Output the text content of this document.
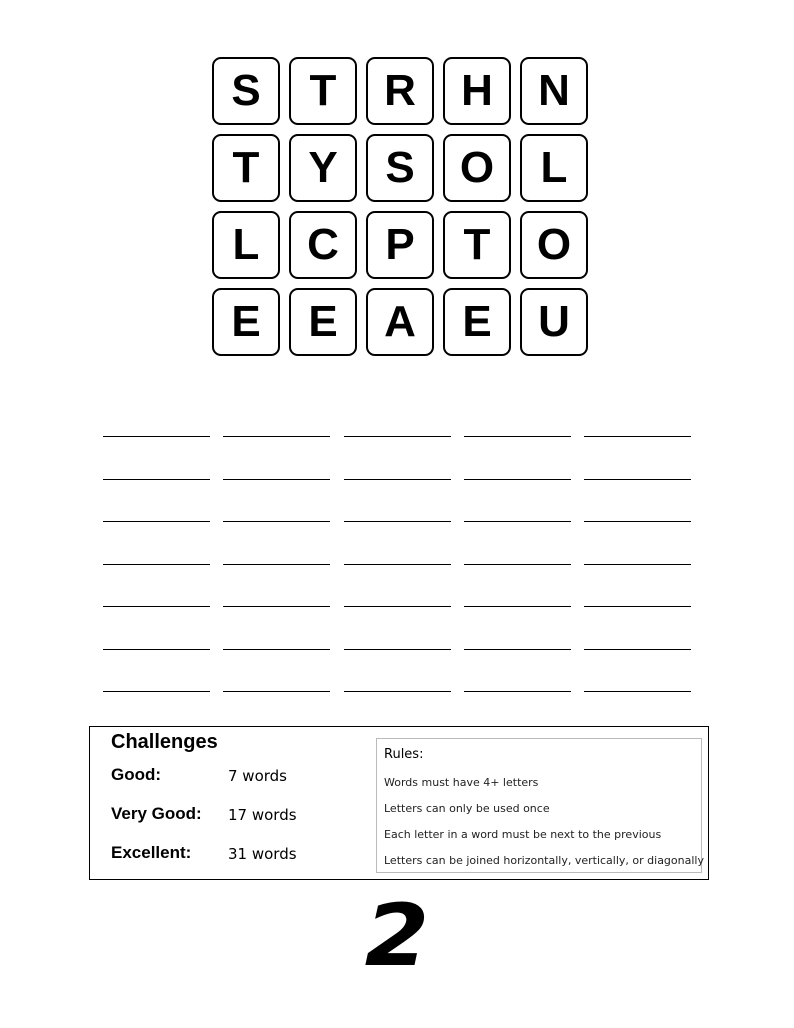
S	T	R	H	N
T	Y	S	O	L
L	C	P	T	O
E	E	A	E	U
Challenges
Good:	7 words
Very Good: 17 words
Excellent: 31 words
Rules:
Words must have 4+ letters
Letters can only be used once
Each letter in a word must be next to the previous
Letters can be joined horizontally, vertically, or diagonally
2
